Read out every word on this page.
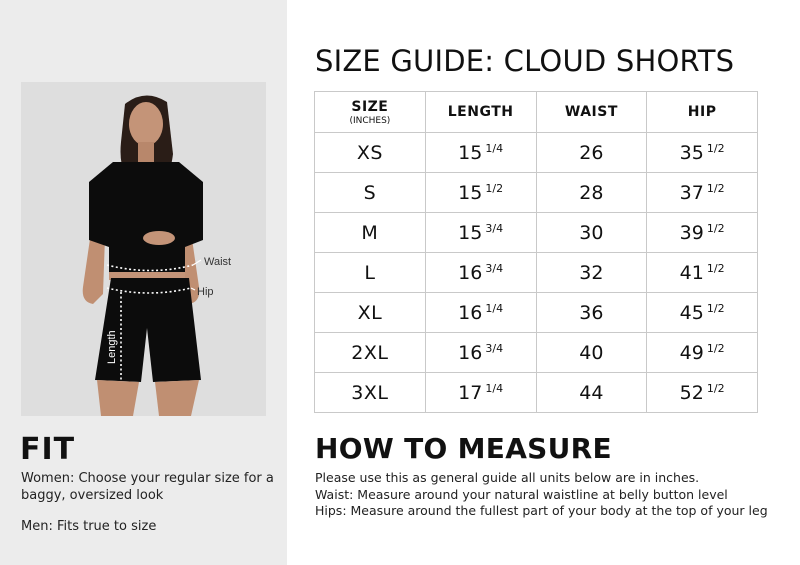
Waist
Hip
Length
FIT

Women: Choose your regular size for a baggy, oversized look

Men: Fits true to size

SIZE GUIDE: CLOUD SHORTS
SIZE
(INCHES)	LENGTH	WAIST	HIP
XS	15 $^{1/4}$	26	35 $^{1/2}$
S	15 $^{1/2}$	28	37 $^{1/2}$
M	15 $^{3/4}$	30	39 $^{1/2}$
L	16 $^{3/4}$	32	41 $^{1/2}$
XL	16 $^{1/4}$	36	45 $^{1/2}$
2XL	16 $^{3/4}$	40	49 $^{1/2}$
3XL	17 $^{1/4}$	44	52 $^{1/2}$
HOW TO MEASURE

Please use this as general guide all units below are in inches.

Waist: Measure around your natural waistline at belly button level

Hips: Measure around the fullest part of your body at the top of your leg
